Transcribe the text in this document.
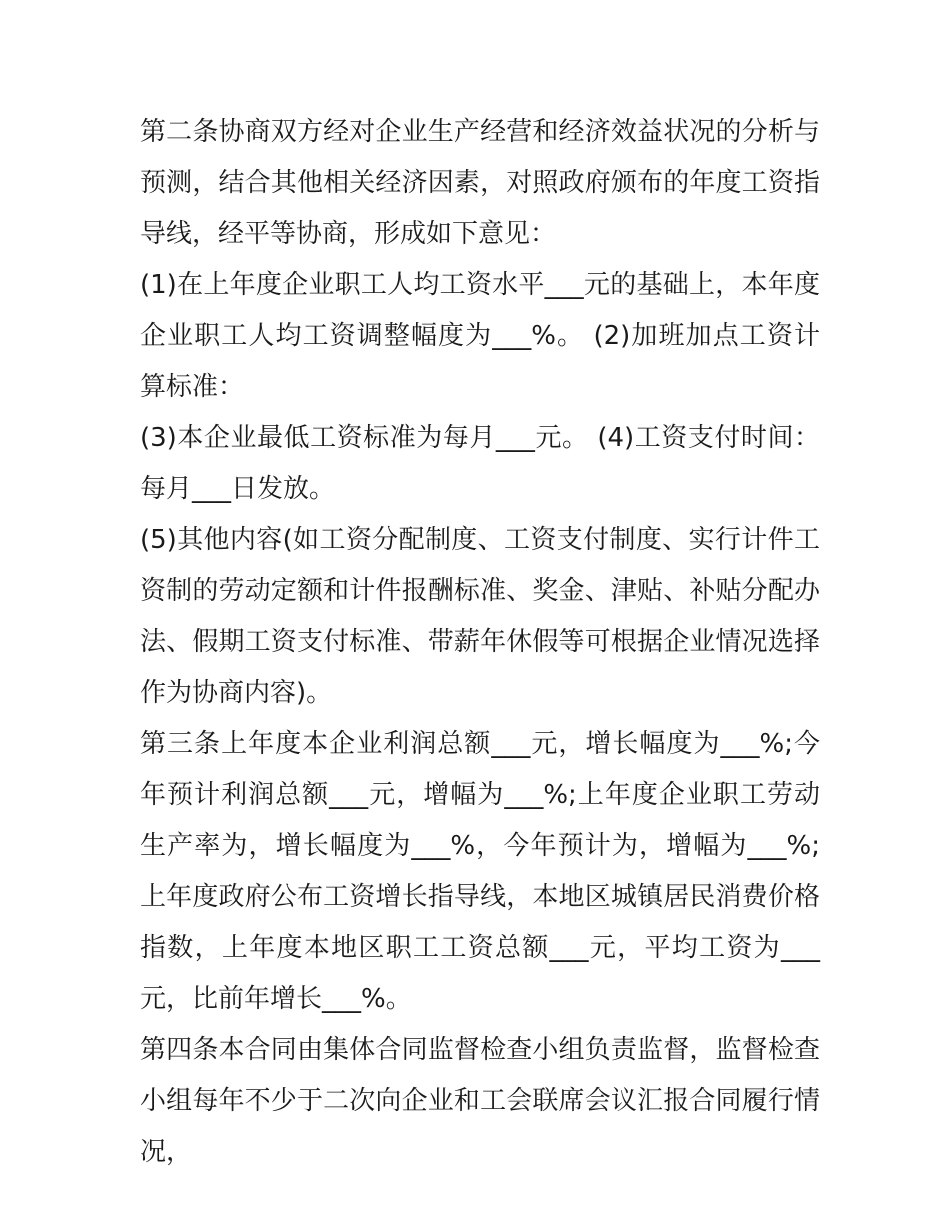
第二条协商双方经对企业生产经营和经济效益状况的分析与预测，结合其他相关经济因素，对照政府颁布的年度工资指导线，经平等协商，形成如下意见：

(1)在上年度企业职工人均工资水平___元的基础上，本年度企业职工人均工资调整幅度为___%。 (2)加班加点工资计算标准：

(3)本企业最低工资标准为每月___元。 (4)工资支付时间：每月___日发放。

(5)其他内容(如工资分配制度、工资支付制度、实行计件工资制的劳动定额和计件报酬标准、奖金、津贴、补贴分配办法、假期工资支付标准、带薪年休假等可根据企业情况选择作为协商内容)。

第三条上年度本企业利润总额___元，增长幅度为___%;今年预计利润总额___元，增幅为___%;上年度企业职工劳动生产率为，增长幅度为___%，今年预计为，增幅为___%;上年度政府公布工资增长指导线，本地区城镇居民消费价格指数，上年度本地区职工工资总额___元，平均工资为___元，比前年增长___%。

第四条本合同由集体合同监督检查小组负责监督，监督检查小组每年不少于二次向企业和工会联席会议汇报合同履行情况，
